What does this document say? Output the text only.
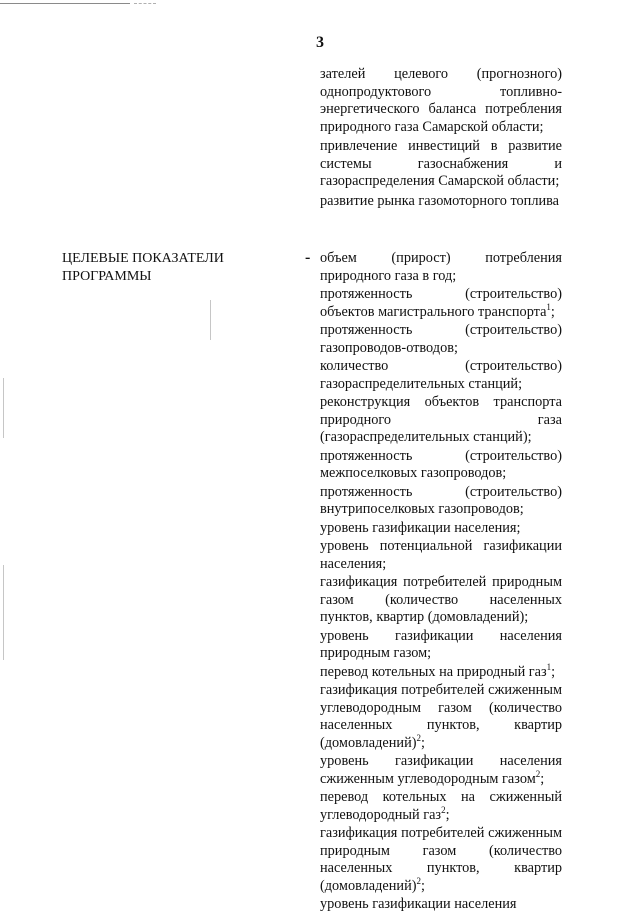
3

зателей целевого (прогнозного) однопродуктового топливно-энергетического баланса потребления природного газа Самарской области;

привлечение инвестиций в развитие системы газоснабжения и газораспределения Самарской области;

развитие рынка газомоторного топлива

ЦЕЛЕВЫЕ ПОКАЗАТЕЛИ ПРОГРАММЫ
- объем (прирост) потребления природного газа в год;

протяженность (строительство) объектов магистрального транспорта$^1$;

протяженность (строительство) газопроводов-отводов;

количество (строительство) газораспределительных станций;

реконструкция объектов транспорта природного газа (газораспределительных станций);

протяженность (строительство) межпоселковых газопроводов;

протяженность (строительство) внутрипоселковых газопроводов;

уровень газификации населения;

уровень потенциальной газификации населения;

газификация потребителей природным газом (количество населенных пунктов, квартир (домовладений);

уровень газификации населения природным газом;

перевод котельных на природный газ$^1$;

газификация потребителей сжиженным углеводородным газом (количество населенных пунктов, квартир (домовладений)$^2$;

уровень газификации населения сжиженным углеводородным газом$^2$;

перевод котельных на сжиженный углеводородный газ$^2$;

газификация потребителей сжиженным природным газом (количество населенных пунктов, квартир (домовладений)$^2$;

уровень газификации населения
